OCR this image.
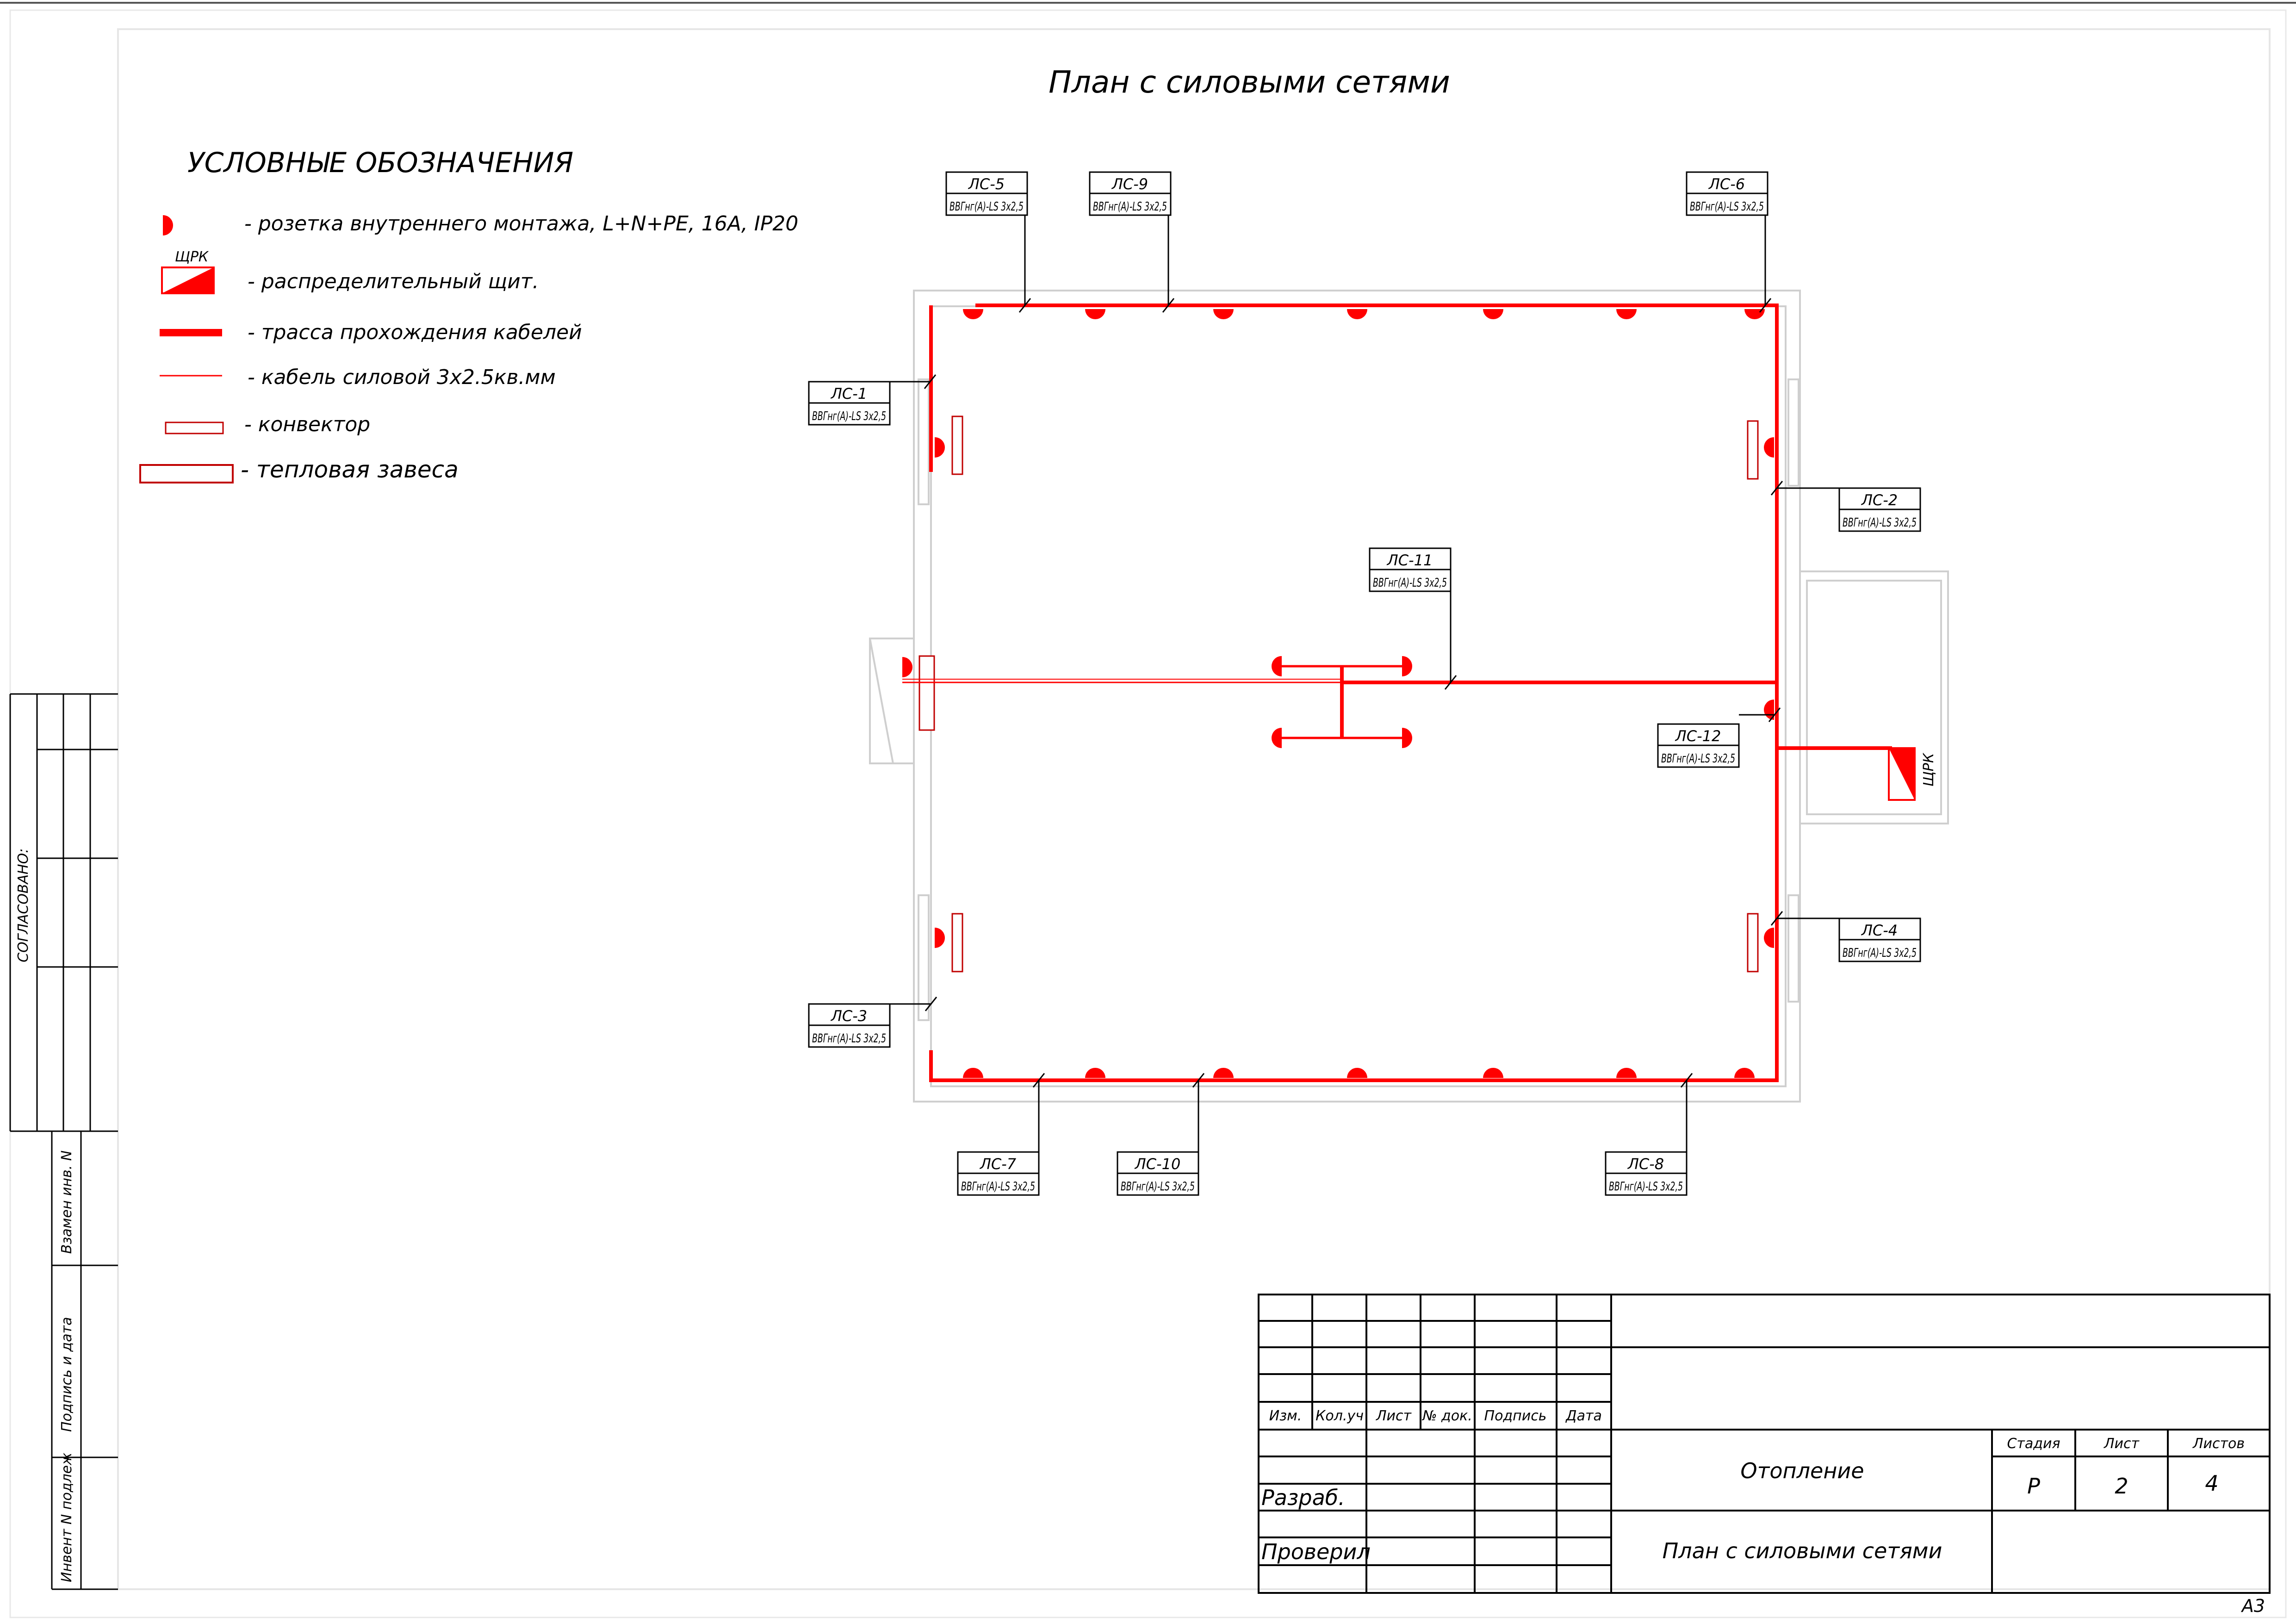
СОГЛАСОВАНО:
Взамен инв. N
Подпись и дата
Инвент N подлеж
План с силовыми сетями
УСЛОВНЫЕ ОБОЗНАЧЕНИЯ
- розетка внутреннего монтажа, L+N+PE, 16А, IP20
ЩРК
- распределительный щит.
- трасса прохождения кабелей
- кабель силовой 3х2.5кв.мм
- конвектор
- тепловая завеса
ЩРК
ЛС-1
ВВГнг(А)-LS 3х2,5
ЛС-5
ВВГнг(А)-LS 3х2,5
ЛС-9
ВВГнг(А)-LS 3х2,5
ЛС-6
ВВГнг(А)-LS 3х2,5
ЛС-2
ВВГнг(А)-LS 3х2,5
ЛС-11
ВВГнг(А)-LS 3х2,5
ЛС-12
ВВГнг(А)-LS 3х2,5
ЛС-4
ВВГнг(А)-LS 3х2,5
ЛС-3
ВВГнг(А)-LS 3х2,5
ЛС-7
ВВГнг(А)-LS 3х2,5
ЛС-10
ВВГнг(А)-LS 3х2,5
ЛС-8
ВВГнг(А)-LS 3х2,5
Изм. Кол.уч Лист № док. Подпись Дата
Стадия	Лист	Листов
Разраб.
Проверил
Отопление
План с силовыми сетями
Р	2	4
А3
